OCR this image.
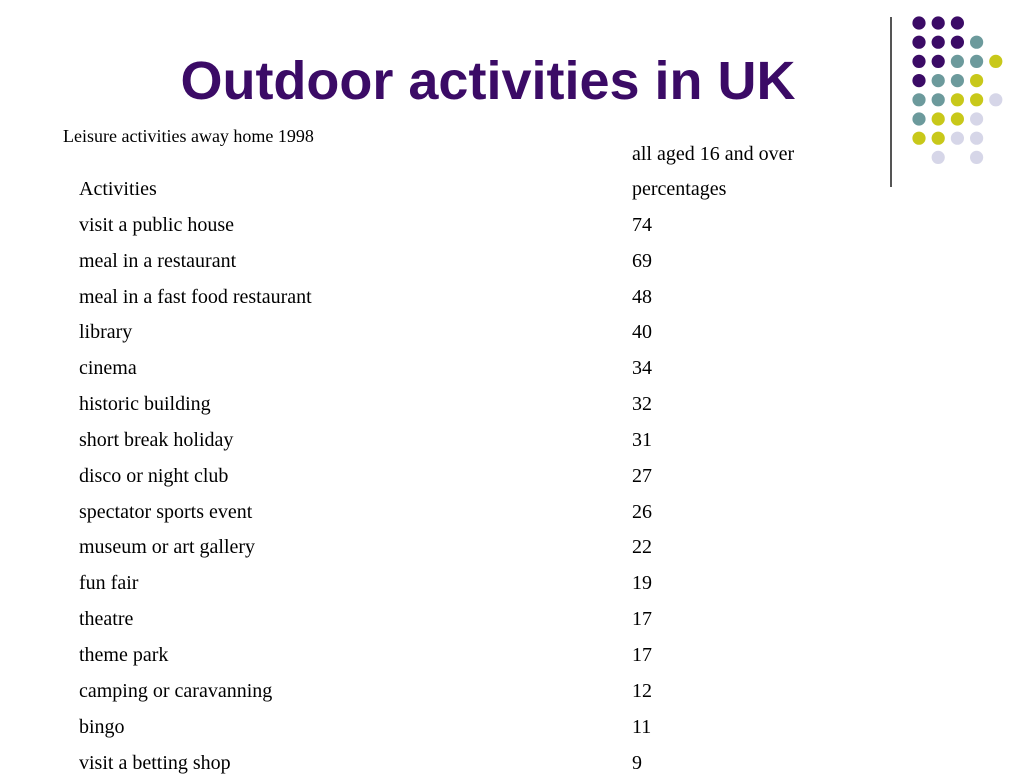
Outdoor activities in UK
Leisure activities away home 1998
all aged 16 and over
Activities	percentages
visit a public house	74
meal in a restaurant	69
meal in a fast food restaurant	48
library	40
cinema	34
historic building	32
short break holiday	31
disco or night club	27
spectator sports event	26
museum or art gallery	22
fun fair	19
theatre	17
theme park	17
camping or caravanning	12
bingo	11
visit a betting shop	9
